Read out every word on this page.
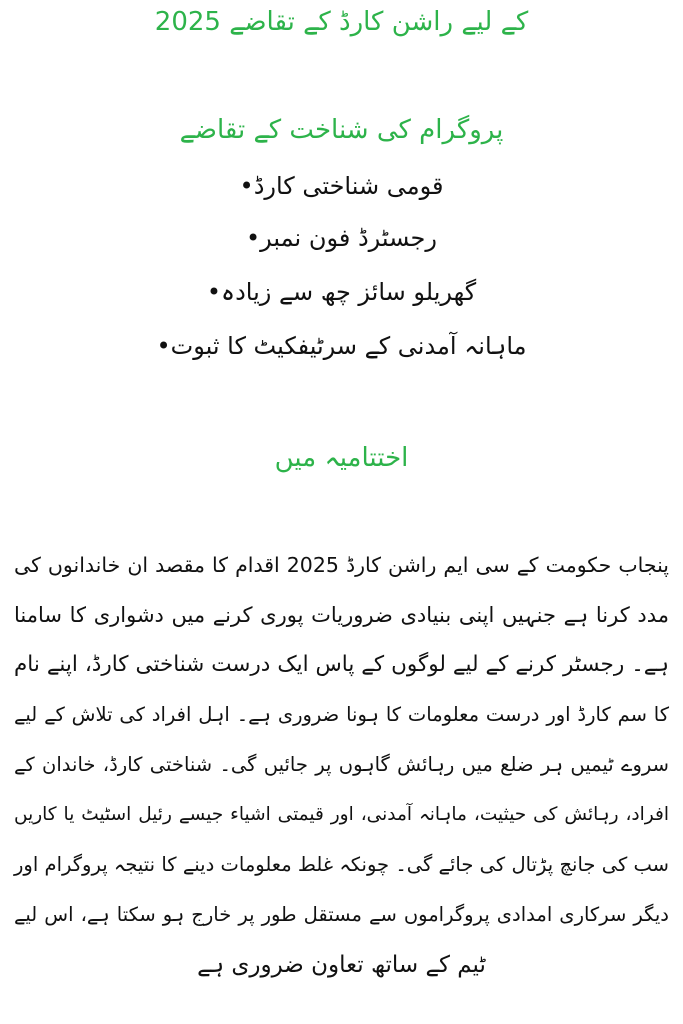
کے لیے راشن کارڈ کے تقاضے 2025
پروگرام کی شناخت کے تقاضے
قومی شناختی کارڈ•
رجسٹرڈ فون نمبر•
گھریلو سائز چھ سے زیادہ•
ماہانہ آمدنی کے سرٹیفکیٹ کا ثبوت•
اختتامیہ میں
پنجاب حکومت کے سی ایم راشن کارڈ 2025 اقدام کا مقصد ان خاندانوں کی
مدد کرنا ہے جنہیں اپنی بنیادی ضروریات پوری کرنے میں دشواری کا سامنا
ہے۔ رجسٹر کرنے کے لیے لوگوں کے پاس ایک درست شناختی کارڈ، اپنے نام
کا سم کارڈ اور درست معلومات کا ہونا ضروری ہے۔ اہل افراد کی تلاش کے لیے
سروے ٹیمیں ہر ضلع میں رہائش گاہوں پر جائیں گی۔ شناختی کارڈ، خاندان کے
افراد، رہائش کی حیثیت، ماہانہ آمدنی، اور قیمتی اشیاء جیسے رئیل اسٹیٹ یا کاریں
سب کی جانچ پڑتال کی جائے گی۔ چونکہ غلط معلومات دینے کا نتیجہ پروگرام اور
دیگر سرکاری امدادی پروگراموں سے مستقل طور پر خارج ہو سکتا ہے، اس لیے
ٹیم کے ساتھ تعاون ضروری ہے
